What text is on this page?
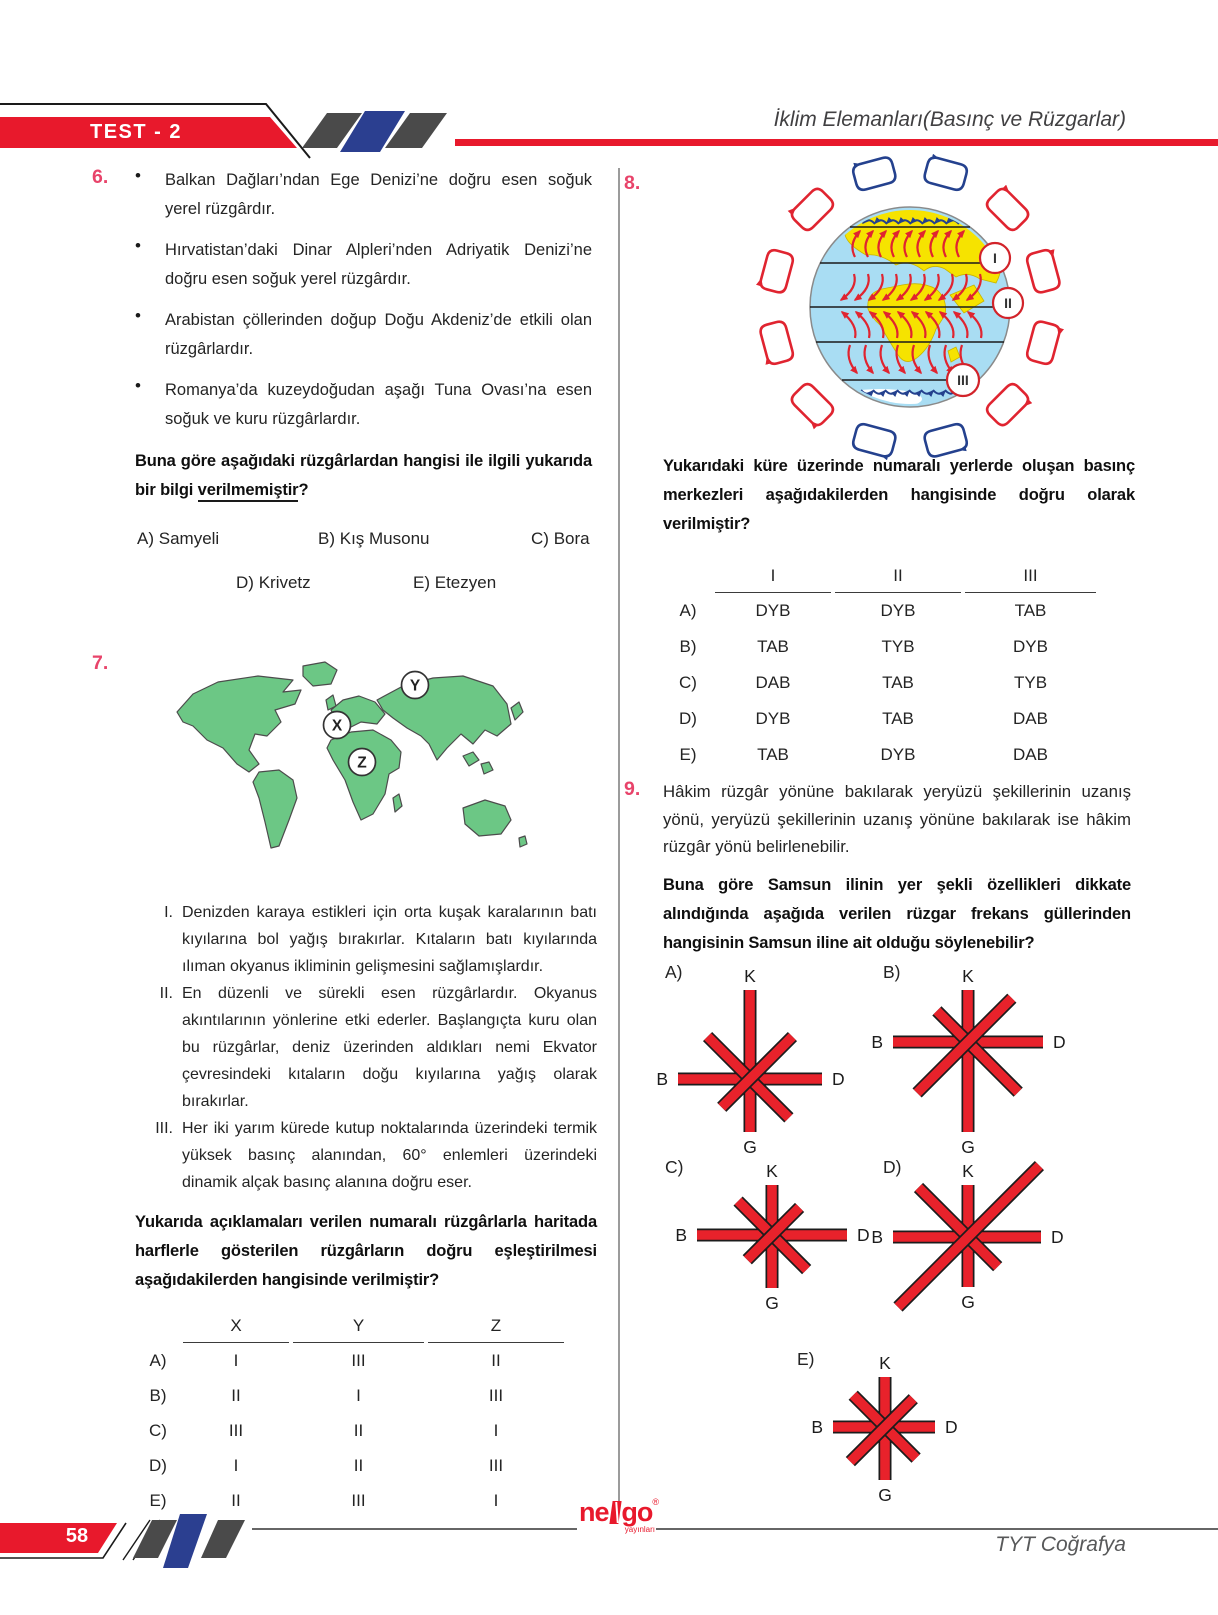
TEST - 2
İklim Elemanları(Basınç ve Rüzgarlar)
6. •	Balkan Dağları’ndan Ege Denizi’ne doğru esen soğuk yerel rüzgârdır.
•
Hırvatistan’daki Dinar Alpleri’nden Adriyatik Denizi’ne doğru esen soğuk yerel rüzgârdır.
•
Arabistan çöllerinden doğup Doğu Akdeniz’de etkili olan rüzgârlardır.
•
Romanya’da kuzeydoğudan aşağı Tuna Ovası’na esen soğuk ve kuru rüzgârlardır.
Buna göre aşağıdaki rüzgârlardan hangisi ile ilgili yukarıda bir bilgi verilmemiştir?
A) Samyeli	B) Kış Musonu	C) Bora
D) Krivetz	E) Etezyen
7.
X
Y
Z
I. Denizden karaya estikleri için orta kuşak karalarının batı kıyılarına bol yağış bırakırlar. Kıtaların batı kıyılarında ılıman okyanus ikliminin gelişmesini sağlamışlardır.
II. En düzenli ve sürekli esen rüzgârlardır. Okyanus akıntılarının yönlerine etki ederler. Başlangıçta kuru olan bu rüzgârlar, deniz üzerinden aldıkları nemi Ekvator çevresindeki kıtaların doğu kıyılarına yağış olarak bırakırlar.
III. Her iki yarım kürede kutup noktalarında üzerindeki termik yüksek basınç alanından, 60° enlemleri üzerindeki dinamik alçak basınç alanına doğru eser.
Yukarıda açıklamaları verilen numaralı rüzgârlarla haritada harflerle gösterilen rüzgârların doğru eşleştirilmesi aşağıdakilerden hangisinde verilmiştir?
X	Y	Z
A)	I	III	II
B)	II	I	III
C)	III	II	I
D)	I	II	III
E)	II	III	I
8.
I
II
III
Yukarıdaki küre üzerinde numaralı yerlerde oluşan basınç merkezleri aşağıdakilerden hangisinde doğru olarak verilmiştir?
I	II	III
A)	DYB	DYB	TAB
B)	TAB	TYB	DYB
C)	DAB	TAB	TYB
D)	DYB	TAB	DAB
E)	TAB	DYB	DAB
9. Hâkim rüzgâr yönüne bakılarak yeryüzü şekillerinin uzanış yönü, yeryüzü şekillerinin uzanış yönüne bakılarak ise hâkim rüzgâr yönü belirlenebilir.
Buna göre Samsun ilinin yer şekli özellikleri dikkate alındığında aşağıda verilen rüzgar frekans güllerinden hangisinin Samsun iline ait olduğu söylenebilir?
A)	B)
C)	D)
E)
K
G
B	D
K
G
B	D
K
G
B	D
K
G
B	D
K
G
B	D
58
ne go ®
yayınları
TYT Coğrafya
